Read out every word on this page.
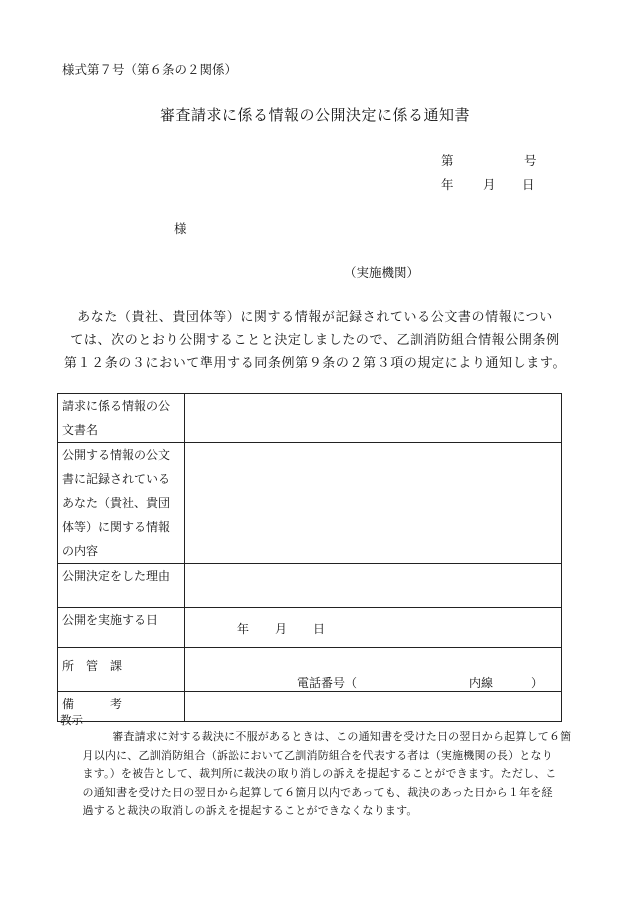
様式第７号（第６条の２関係）
審査請求に係る情報の公開決定に係る通知書
第	号
年 月 日
様
（実施機関）
あなた（貴社、貴団体等）に関する情報が記録されている公文書の情報につい
ては、次のとおり公開することと決定しましたので、乙訓消防組合情報公開条例
第１２条の３において準用する同条例第９条の２第３項の規定により通知します。
請求に係る情報の公
文書名	

公開する情報の公文
書に記録されている
あなた（貴社、貴団
体等）に関する情報
の内容	

公開決定をした理由	
公開を実施する日	年 月 日

所　管　課	電話番号（ 内線 ）

備　　　考	
教示
審査請求に対する裁決に不服があるときは、この通知書を受けた日の翌日から起算して６箇
月以内に、乙訓消防組合（訴訟において乙訓消防組合を代表する者は（実施機関の長）となり
ます。）を被告として、裁判所に裁決の取り消しの訴えを提起することができます。ただし、こ
の通知書を受けた日の翌日から起算して６箇月以内であっても、裁決のあった日から１年を経
過すると裁決の取消しの訴えを提起することができなくなります。
